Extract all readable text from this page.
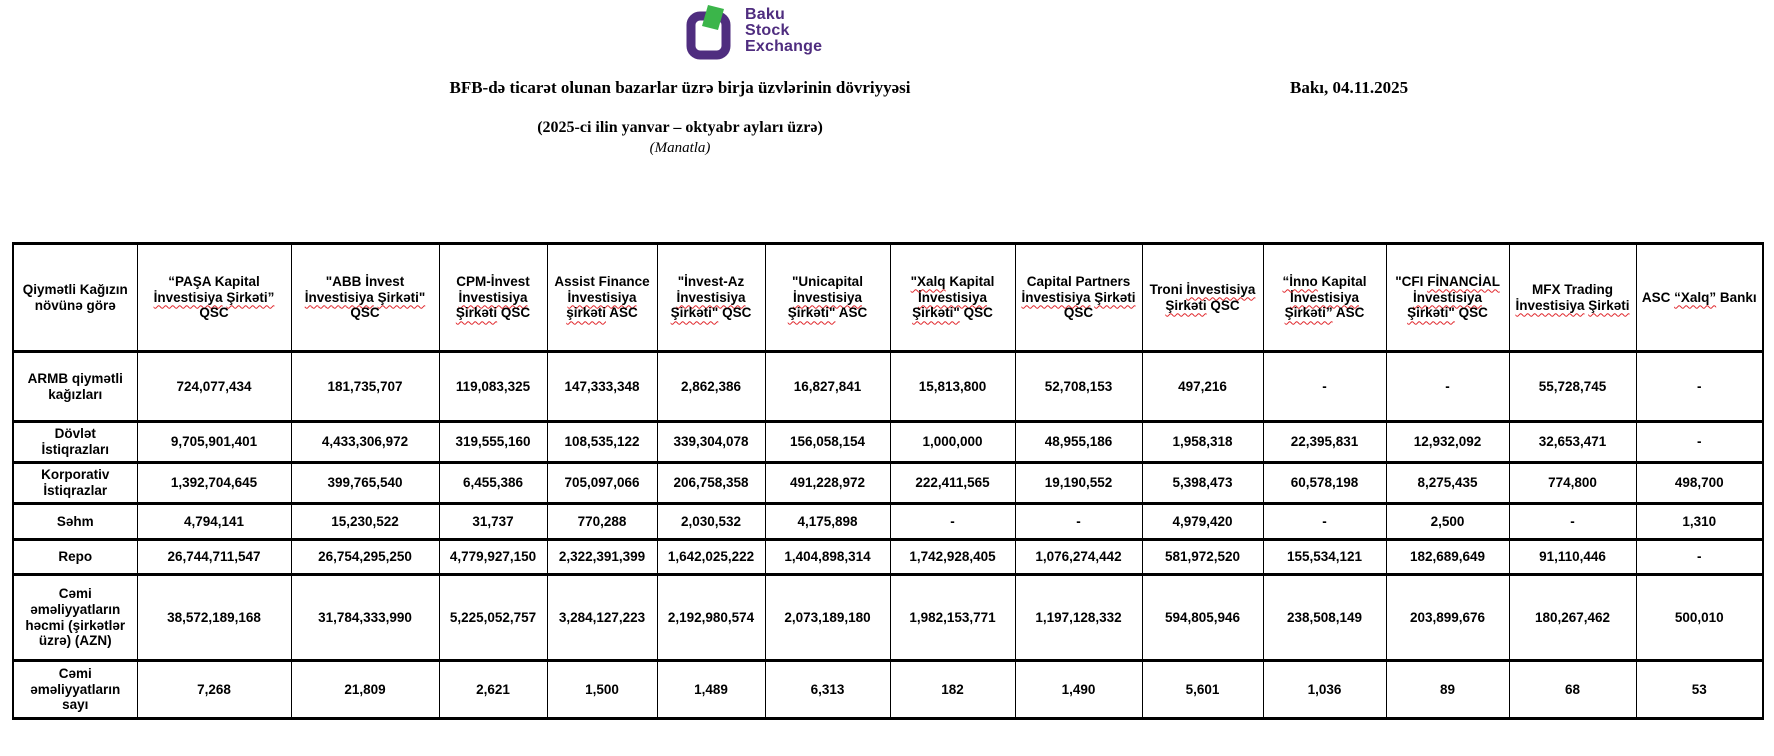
Baku
Stock
Exchange
BFB-də ticarət olunan bazarlar üzrə birja üzvlərinin dövriyyəsi	Bakı, 04.11.2025
(2025-ci ilin yanvar – oktyabr ayları üzrə)
(Manatla)
Qiymətli Kağızın növünə görə	“PAŞA Kapital İnvestisiya Şirkəti” QSC	"ABB İnvest İnvestisiya Şirkəti" QSC	CPM-İnvest İnvestisiya Şirkəti QSC	Assist Finance İnvestisiya şirkəti ASC	"İnvest-Az İnvestisiya Şirkəti" QSC	"Unicapital İnvestisiya Şirkəti" ASC	"Xalq Kapital İnvestisiya Şirkəti" QSC	Capital Partners İnvestisiya Şirkəti QSC	Troni İnvestisiya Şirkəti QSC	“İnno Kapital İnvestisiya Şirkəti” ASC	"CFI FİNANCİAL İnvestisiya Şirkəti" QSC	MFX Trading İnvestisiya Şirkəti	ASC “Xalq” Bankı
ARMB qiymətli kağızları	724,077,434	181,735,707	119,083,325	147,333,348	2,862,386	16,827,841	15,813,800	52,708,153	497,216	-	-	55,728,745	-
Dövlət İstiqrazları	9,705,901,401	4,433,306,972	319,555,160	108,535,122	339,304,078	156,058,154	1,000,000	48,955,186	1,958,318	22,395,831	12,932,092	32,653,471	-
Korporativ İstiqrazlar	1,392,704,645	399,765,540	6,455,386	705,097,066	206,758,358	491,228,972	222,411,565	19,190,552	5,398,473	60,578,198	8,275,435	774,800	498,700
Səhm	4,794,141	15,230,522	31,737	770,288	2,030,532	4,175,898	-	-	4,979,420	-	2,500	-	1,310
Repo	26,744,711,547	26,754,295,250	4,779,927,150	2,322,391,399	1,642,025,222	1,404,898,314	1,742,928,405	1,076,274,442	581,972,520	155,534,121	182,689,649	91,110,446	-
Cəmi əməliyyatların həcmi (şirkətlər üzrə) (AZN)	38,572,189,168	31,784,333,990	5,225,052,757	3,284,127,223	2,192,980,574	2,073,189,180	1,982,153,771	1,197,128,332	594,805,946	238,508,149	203,899,676	180,267,462	500,010
Cəmi əməliyyatların sayı	7,268	21,809	2,621	1,500	1,489	6,313	182	1,490	5,601	1,036	89	68	53
